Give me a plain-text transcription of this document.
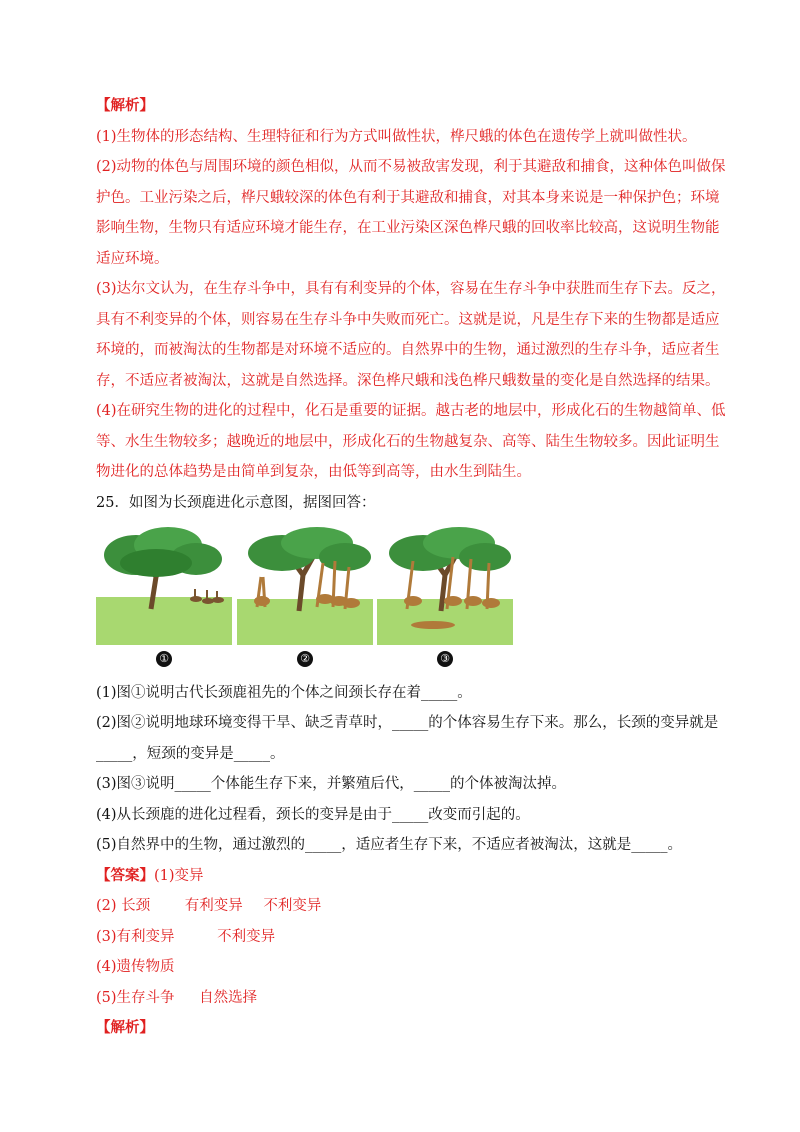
【解析】
(1)生物体的形态结构、生理特征和行为方式叫做性状，桦尺蛾的体色在遗传学上就叫做性状。
(2)动物的体色与周围环境的颜色相似，从而不易被敌害发现，利于其避敌和捕食，这种体色叫做保
护色。工业污染之后，桦尺蛾较深的体色有利于其避敌和捕食，对其本身来说是一种保护色；环境
影响生物，生物只有适应环境才能生存，在工业污染区深色桦尺蛾的回收率比较高，这说明生物能
适应环境。
(3)达尔文认为，在生存斗争中，具有有利变异的个体，容易在生存斗争中获胜而生存下去。反之，
具有不利变异的个体，则容易在生存斗争中失败而死亡。这就是说，凡是生存下来的生物都是适应
环境的，而被淘汰的生物都是对环境不适应的。自然界中的生物，通过激烈的生存斗争，适应者生
存，不适应者被淘汰，这就是自然选择。深色桦尺蛾和浅色桦尺蛾数量的变化是自然选择的结果。
(4)在研究生物的进化的过程中，化石是重要的证据。越古老的地层中，形成化石的生物越简单、低
等、水生生物较多；越晚近的地层中，形成化石的生物越复杂、高等、陆生生物较多。因此证明生
物进化的总体趋势是由简单到复杂，由低等到高等，由水生到陆生。
25．如图为长颈鹿进化示意图，据图回答：
①	②	③
(1)图①说明古代长颈鹿祖先的个体之间颈长存在着_____。
(2)图②说明地球环境变得干旱、缺乏青草时，_____的个体容易生存下来。那么，长颈的变异就是
_____，短颈的变异是_____。
(3)图③说明_____个体能生存下来，并繁殖后代，_____的个体被淘汰掉。
(4)从长颈鹿的进化过程看，颈长的变异是由于_____改变而引起的。
(5)自然界中的生物，通过激烈的_____，适应者生存下来，不适应者被淘汰，这就是_____。
【答案】(1)变异
(2) 长颈 有利变异 不利变异
(3)有利变异	不利变异
(4)遗传物质
(5)生存斗争 自然选择
【解析】
